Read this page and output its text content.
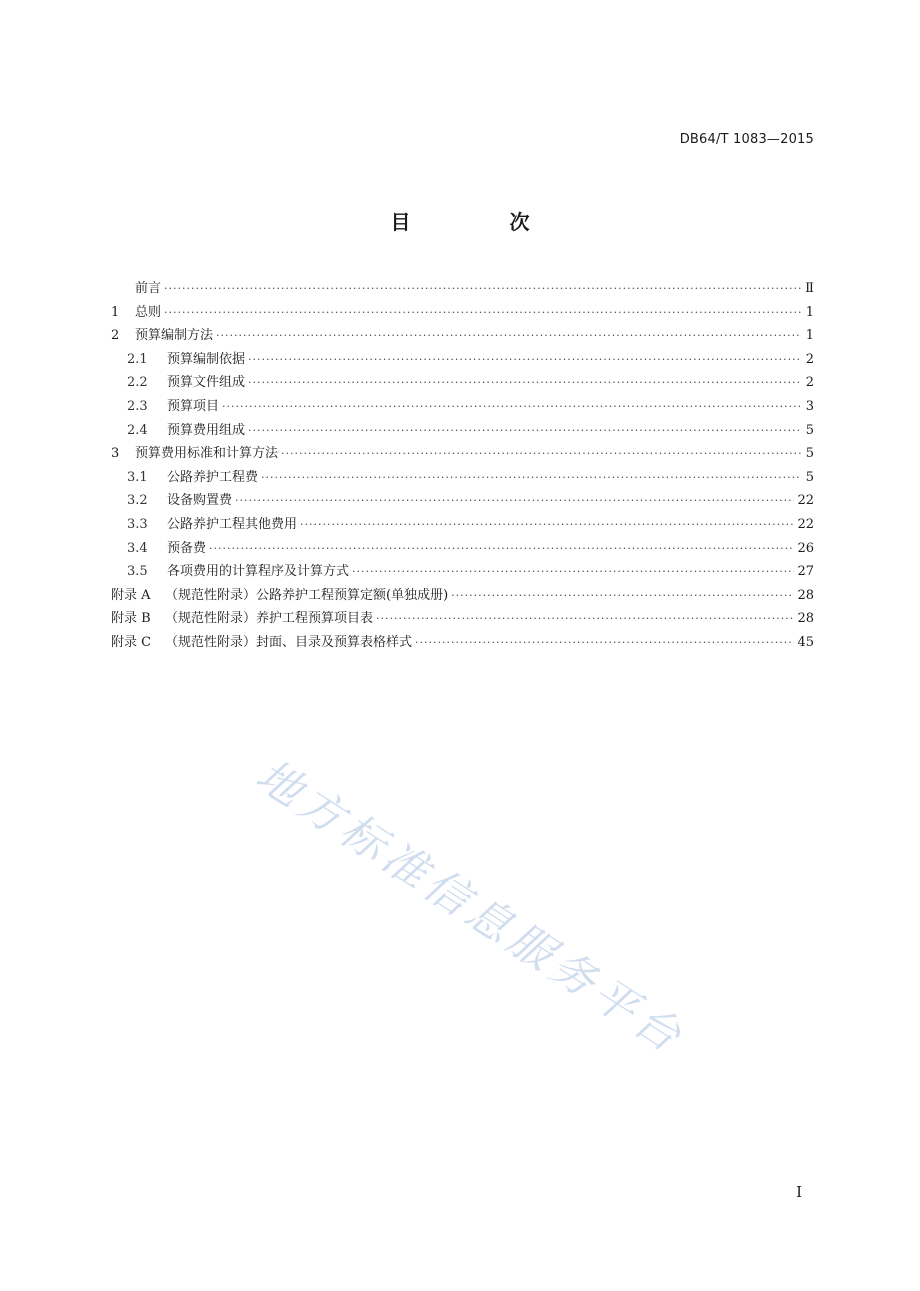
DB64/T 1083—2015
目 次
前言 ·····	Ⅱ
1	总则 ·····	1
2	预算编制方法 ·····	1
2.1	预算编制依据 ·····	2
2.2	预算文件组成 ·····	2
2.3	预算项目 ·····	3
2.4	预算费用组成 ·····	5
3	预算费用标准和计算方法 ·····	5
3.1	公路养护工程费 ·····	5
3.2	设备购置费 ·····	22
3.3	公路养护工程其他费用 ·····	22
3.4	预备费 ·····	26
3.5	各项费用的计算程序及计算方式 ·····	27
附录 A	（规范性附录）公路养护工程预算定额(单独成册) ·····	28
附录 B	（规范性附录）养护工程预算项目表 ·····	28
附录 C	（规范性附录）封面、目录及预算表格样式 ·····	45
地方标准信息服务平台
I
